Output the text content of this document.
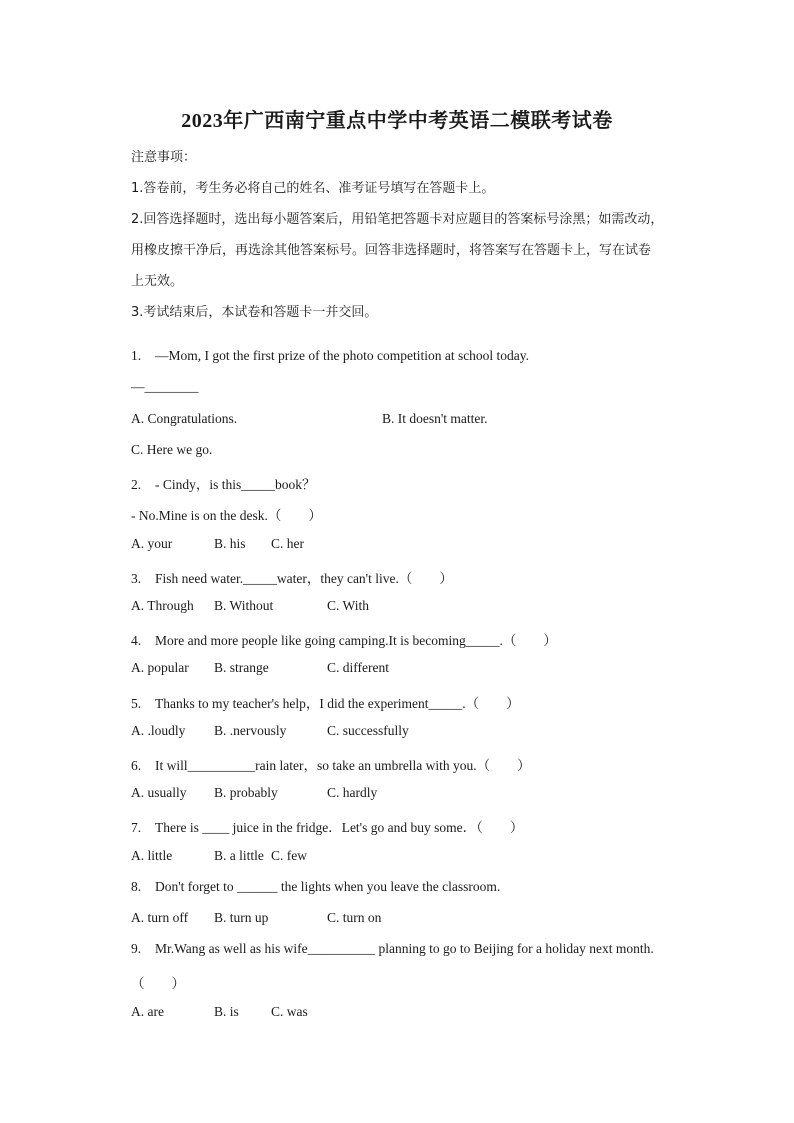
2023年广西南宁重点中学中考英语二模联考试卷
注意事项：
1.答卷前，考生务必将自己的姓名、准考证号填写在答题卡上。
2.回答选择题时，选出每小题答案后，用铅笔把答题卡对应题目的答案标号涂黑；如需改动，
用橡皮擦干净后，再选涂其他答案标号。回答非选择题时，将答案写在答题卡上，写在试卷
上无效。
3.考试结束后，本试卷和答题卡一并交回。
1. —Mom, I got the first prize of the photo competition at school today.
—________
A. Congratulations.	B. It doesn't matter.
C. Here we go.
2. - Cindy，is this_____book？
- No.Mine is on the desk.（　　）
A. your	B. his C. her
3. Fish need water._____water，they can't live.（　　）
A. Through B. Without	C. With
4. More and more people like going camping.It is becoming_____.（　　）
A. popular B. strange	C. different
5. Thanks to my teacher's help，I did the experiment_____.（　　）
A. .loudly B. .nervously	C. successfully
6. It will__________rain later，so take an umbrella with you.（　　）
A. usually B. probably	C. hardly
7. There is ____ juice in the fridge．Let's go and buy some．（　　）
A. little	B. a little C. few
8. Don't forget to ______ the lights when you leave the classroom.
A. turn off B. turn up	C. turn on
9. Mr.Wang as well as his wife__________ planning to go to Beijing for a holiday next month.
（　　）
A. are	B. is C. was
